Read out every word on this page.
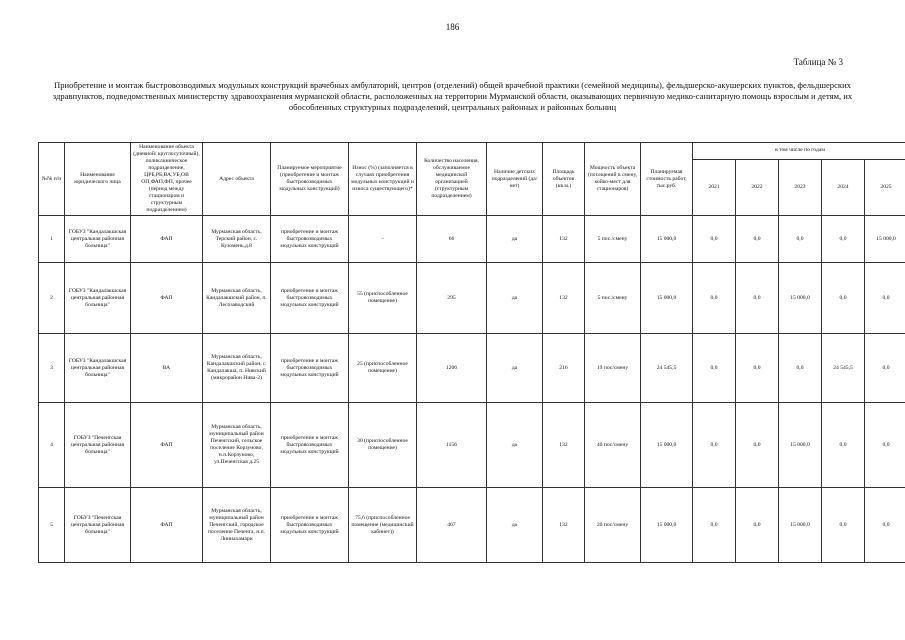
186
Таблица № 3
Приобретение и монтаж быстровозводимых модульных конструкций врачебных амбулаторий, центров (отделений) общей врачебной практики (семейной медицины), фельдшерско-акушерских пунктов, фельдшерских здравпунктов, подведомственных министерству здравоохранения мурманской области, расположенных на территории Мурманской области, оказывающих первичную медико-санитарную помощь взрослым и детям, их обособленных структурных подразделений, центральных районных и районных больниц
№№ п/п	Наименование юридического лица	Наименование объекта (дневной/ круглосуточный), поликлиническое подразделение, ЦРБ,РБ,ВА,УБ,ОВ ОП,ФАП,ФП, прочее (период между стационаром и структурным подразделением)	Адрес объекта	Планируемое мероприятие (приобретение и монтаж быстровозводимых модульных конструкций)	Износ (%) (заполняется в случаях приобретения модульных конструкций и износа существующего)*	Количество населения, обслуживаемое медицинской организацией (структурным подразделением)	Наличие детских подразделений (да/нет)	Площадь объектов (кв.м.)	Мощность объекта (посещений в смену, койко-мест для стационаров)	Планируемая стоимость работ, тыс.руб.	в том числе по годам				
											2021	2022	2023	2024	2025
1	ГОБУЗ "Кандалакшская центральная районная больница"	ФАП	Мурманская область, Терский район, с. Кузомень,д.8	приобретение и монтаж быстровозводимых модульных конструкций	-	66	да	132	5 пос./смену	15 000,0	0,0	0,0	0,0	0,0	15 000,0
2	ГОБУЗ "Кандалакшская центральная районная больница"	ФАП	Мурманская область, Кандалакшский район, п. Лесозаводский	приобретение и монтаж быстровозводимых модульных конструкций	55 (приспособленное помещение)	295	да	132	5 пос./смену	15 000,0	0,0	0,0	15 000,0	0,0	0,0
3	ГОБУЗ "Кандалакшская центральная районная больница"	ВА	Мурманская область, Кандалакшский район, г. Кандалакша, п. Нивский (микрорайон Нива-2)	приобретение и монтаж быстровозводимых модульных конструкций	25 (приспособленное помещение)	1206	да	216	19 пос/смену	24 545,5	0,0	0,0	0,0	24 545,5	0,0
4	ГОБУЗ "Печенгская центральная районная больница"	ФАП	Мурманская область, муниципальный район Печенгский, сельское поселение Корзуново, н.п.Корзуново, ул.Печенгская д.25	приобретение и монтаж быстровозводимых модульных конструкций	30 (приспособленное помещение)	1156	да	132	40 пос/смену	15 000,0	0,0	0,0	15 000,0	0,0	0,0
5	ГОБУЗ "Печенгская центральная районная больница"	ФАП	Мурманская область, муниципальный район Печенгский, городское поселение Печенга, н.п. Лиинахамари	приобретение и монтаж быстровозводимых модульных конструкций	75,6 (приспособленное помещение (медицинский кабинет))	467	да	132	20 пос/смену	15 000,0	0,0	0,0	15 000,0	0,0	0,0
